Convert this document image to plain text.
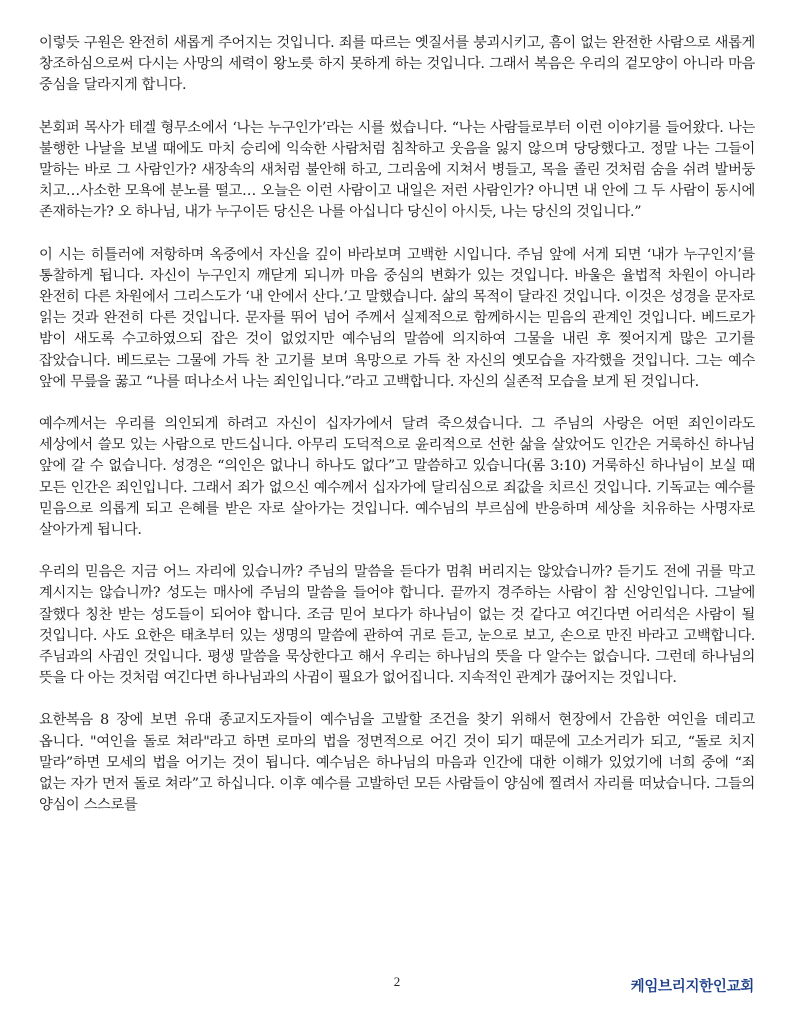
이렇듯 구원은 완전히 새롭게 주어지는 것입니다. 죄를 따르는 옛질서를 붕괴시키고, 흠이 없는 완전한 사람으로 새롭게 창조하심으로써 다시는 사망의 세력이 왕노릇 하지 못하게 하는 것입니다. 그래서 복음은 우리의 겉모양이 아니라 마음 중심을 달라지게 합니다.

본회퍼 목사가 테겔 형무소에서 ‘나는 누구인가’라는 시를 썼습니다. “나는 사람들로부터 이런 이야기를 들어왔다. 나는 불행한 나날을 보낼 때에도 마치 승리에 익숙한 사람처럼 침착하고 웃음을 잃지 않으며 당당했다고. 정말 나는 그들이 말하는 바로 그 사람인가? 새장속의 새처럼 불안해 하고, 그리움에 지쳐서 병들고, 목을 졸린 것처럼 숨을 쉬려 발버둥 치고…사소한 모욕에 분노를 떨고… 오늘은 이런 사람이고 내일은 저런 사람인가? 아니면 내 안에 그 두 사람이 동시에 존재하는가? 오 하나님, 내가 누구이든 당신은 나를 아십니다 당신이 아시듯, 나는 당신의 것입니다.”

이 시는 히틀러에 저항하며 옥중에서 자신을 깊이 바라보며 고백한 시입니다. 주님 앞에 서게 되면 ‘내가 누구인지’를 통찰하게 됩니다. 자신이 누구인지 깨닫게 되니까 마음 중심의 변화가 있는 것입니다. 바울은 율법적 차원이 아니라 완전히 다른 차원에서 그리스도가 ‘내 안에서 산다.’고 말했습니다. 삶의 목적이 달라진 것입니다. 이것은 성경을 문자로 읽는 것과 완전히 다른 것입니다. 문자를 뛰어 넘어 주께서 실제적으로 함께하시는 믿음의 관계인 것입니다. 베드로가 밤이 새도록 수고하였으되 잡은 것이 없었지만 예수님의 말씀에 의지하여 그물을 내린 후 찢어지게 많은 고기를 잡았습니다. 베드로는 그물에 가득 찬 고기를 보며 욕망으로 가득 찬 자신의 옛모습을 자각했을 것입니다. 그는 예수 앞에 무릎을 꿇고 “나를 떠나소서 나는 죄인입니다.”라고 고백합니다. 자신의 실존적 모습을 보게 된 것입니다.

예수께서는 우리를 의인되게 하려고 자신이 십자가에서 달려 죽으셨습니다. 그 주님의 사랑은 어떤 죄인이라도 세상에서 쓸모 있는 사람으로 만드십니다. 아무리 도덕적으로 윤리적으로 선한 삶을 살았어도 인간은 거룩하신 하나님 앞에 갈 수 없습니다. 성경은 “의인은 없나니 하나도 없다”고 말씀하고 있습니다(롬 3:10) 거룩하신 하나님이 보실 때 모든 인간은 죄인입니다. 그래서 죄가 없으신 예수께서 십자가에 달리심으로 죄값을 치르신 것입니다. 기독교는 예수를 믿음으로 의롭게 되고 은혜를 받은 자로 살아가는 것입니다. 예수님의 부르심에 반응하며 세상을 치유하는 사명자로 살아가게 됩니다.

우리의 믿음은 지금 어느 자리에 있습니까? 주님의 말씀을 듣다가 멈춰 버리지는 않았습니까? 듣기도 전에 귀를 막고 계시지는 않습니까? 성도는 매사에 주님의 말씀을 들어야 합니다. 끝까지 경주하는 사람이 참 신앙인입니다. 그날에 잘했다 칭찬 받는 성도들이 되어야 합니다. 조금 믿어 보다가 하나님이 없는 것 같다고 여긴다면 어리석은 사람이 될 것입니다. 사도 요한은 태초부터 있는 생명의 말씀에 관하여 귀로 듣고, 눈으로 보고, 손으로 만진 바라고 고백합니다. 주님과의 사귐인 것입니다. 평생 말씀을 묵상한다고 해서 우리는 하나님의 뜻을 다 알수는 없습니다. 그런데 하나님의 뜻을 다 아는 것처럼 여긴다면 하나님과의 사귐이 필요가 없어집니다. 지속적인 관계가 끊어지는 것입니다.

요한복음 8 장에 보면 유대 종교지도자들이 예수님을 고발할 조건을 찾기 위해서 현장에서 간음한 여인을 데리고 옵니다. "여인을 돌로 쳐라"라고 하면 로마의 법을 정면적으로 어긴 것이 되기 때문에 고소거리가 되고, “돌로 치지 말라”하면 모세의 법을 어기는 것이 됩니다. 예수님은 하나님의 마음과 인간에 대한 이해가 있었기에 너희 중에 “죄 없는 자가 먼저 돌로 쳐라”고 하십니다. 이후 예수를 고발하던 모든 사람들이 양심에 찔려서 자리를 떠났습니다. 그들의 양심이 스스로를

2	케임브리지한인교회
